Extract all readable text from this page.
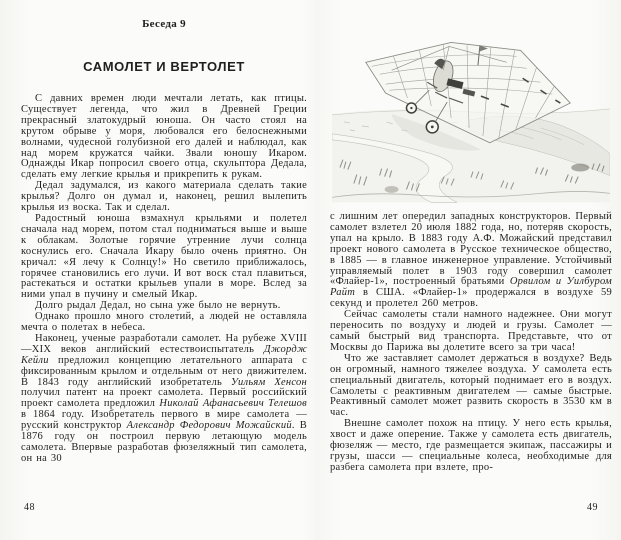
Беседа 9
САМОЛЕТ И ВЕРТОЛЕТ

С давних времен люди мечтали летать, как птицы. Существует легенда, что жил в Древней Греции прекрасный златокудрый юноша. Он часто стоял на крутом обрыве у моря, любовался его белоснежными волнами, чудесной голубизной его далей и наблюдал, как над морем кружатся чайки. Звали юношу Икаром. Однажды Икар попросил своего отца, скульптора Дедала, сделать ему легкие крылья и прикрепить к рукам.

Дедал задумался, из какого материала сделать такие крылья? Долго он думал и, наконец, решил вылепить крылья из воска. Так и сделал.

Радостный юноша взмахнул крыльями и полетел сначала над морем, потом стал подниматься выше и выше к облакам. Золотые горячие утренние лучи солнца коснулись его. Сначала Икару было очень приятно. Он кричал: «Я лечу к Солнцу!» Но светило приближалось, горячее становились его лучи. И вот воск стал плавиться, растекаться и остатки крыльев упали в море. Вслед за ними упал в пучину и смелый Икар.

Долго рыдал Дедал, но сына уже было не вернуть.

Однако прошло много столетий, а людей не оставляла мечта о полетах в небеса.

Наконец, ученые разработали самолет. На рубеже XVIII—XIX веков английский естествоиспытатель Джордж Кейли предложил концепцию летательного аппарата с фиксированным крылом и отдельным от него движителем. В 1843 году английский изобретатель Уильям Хенсон получил патент на проект самолета. Первый российский проект самолета предложил Николай Афанасьевич Телешов в 1864 году. Изобретатель первого в мире самолета — русский конструктор Александр Федорович Можайский. В 1876 году он построил первую летающую модель самолета. Впервые разработав фюзеляжный тип самолета, он на 30

48

с лишним лет опередил западных конструкторов. Первый самолет взлетел 20 июля 1882 года, но, потеряв скорость, упал на крыло. В 1883 году А.Ф. Можайский представил проект нового самолета в Русское техническое общество, в 1885 — в главное инженерное управление. Устойчивый управляемый полет в 1903 году совершил самолет «Флайер-1», построенный братьями Орвилом и Уилбуром Райт в США. «Флайер-1» продержался в воздухе 59 секунд и пролетел 260 метров.

Сейчас самолеты стали намного надежнее. Они могут переносить по воздуху и людей и грузы. Самолет — самый быстрый вид транспорта. Представьте, что от Москвы до Парижа вы долетите всего за три часа!

Что же заставляет самолет держаться в воздухе? Ведь он огромный, намного тяжелее воздуха. У самолета есть специальный двигатель, который поднимает его в воздух. Самолеты с реактивным двигателем — самые быстрые. Реактивный самолет может развить скорость в 3530 км в час.

Внешне самолет похож на птицу. У него есть крылья, хвост и даже оперение. Также у самолета есть двигатель, фюзеляж — место, где размещается экипаж, пассажиры и грузы, шасси — специальные колеса, необходимые для разбега самолета при взлете, про-

49
